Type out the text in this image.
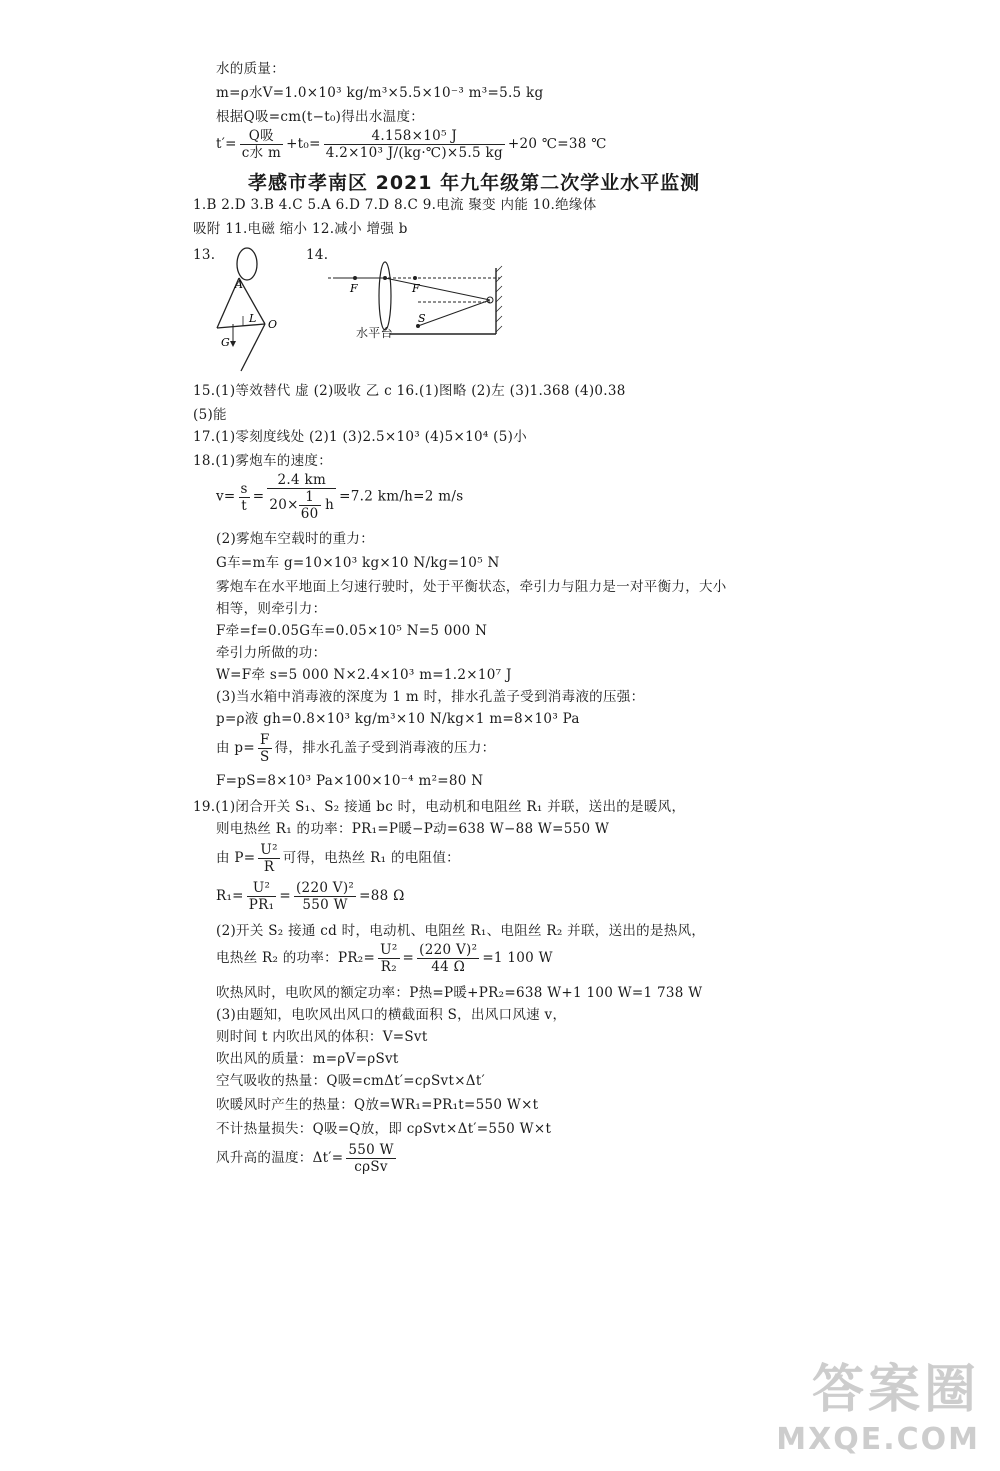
水的质量：
m=ρ水V=1.0×10³ kg/m³×5.5×10⁻³ m³=5.5 kg
根据Q吸=cm(t−t₀)得出水温度：
$t'= \frac{\text{Q吸}}{\text{c水 m}} +t_0= \frac{\text{4.158×10⁵ J}}{\text{4.2×10³ J/(kg·℃)×5.5 kg}} +20$ ℃=38 ℃
孝感市孝南区 2021 年九年级第二次学业水平监测
1.B 2.D 3.B 4.C 5.A 6.D 7.D 8.C 9.电流 聚变 内能 10.绝缘体
吸附 11.电磁 缩小 12.减小 增强 b
13.	14.
A
L O
G
F	F
S
水平台
15.(1)等效替代 虚 (2)吸收 乙 c 16.(1)图略 (2)左 (3)1.368 (4)0.38
(5)能
17.(1)零刻度线处 (2)1 (3)2.5×10³ (4)5×10⁴ (5)小
18.(1)雾炮车的速度：
$v= \frac{s}{t} = \frac{2.4 km}{20\times \frac{1}{60} h} =7.2$ km/h=2 m/s
(2)雾炮车空载时的重力：
G车=m车 g=10×10³ kg×10 N/kg=10⁵ N
雾炮车在水平地面上匀速行驶时，处于平衡状态，牵引力与阻力是一对平衡力，大小
相等，则牵引力：
F牵=f=0.05G车=0.05×10⁵ N=5 000 N
牵引力所做的功：
W=F牵 s=5 000 N×2.4×10³ m=1.2×10⁷ J
(3)当水箱中消毒液的深度为 1 m 时，排水孔盖子受到消毒液的压强：
p=ρ液 gh=0.8×10³ kg/m³×10 N/kg×1 m=8×10³ Pa
由 $p= \frac{F}{S}$ 得，排水孔盖子受到消毒液的压力：
F=pS=8×10³ Pa×100×10⁻⁴ m²=80 N
19.(1)闭合开关 S₁、S₂ 接通 bc 时，电动机和电阻丝 R₁ 并联，送出的是暖风，
则电热丝 R₁ 的功率：PR₁=P暖−P动=638 W−88 W=550 W
由 $P= \frac{\text{U²}}{R}$ 可得，电热丝 R₁ 的电阻值：
$R_1= \frac{\text{U²}}{\text{PR₁}} = \frac{\text{(220 V)²}}{550 W} =88$ Ω
(2)开关 S₂ 接通 cd 时，电动机、电阻丝 R₁、电阻丝 R₂ 并联，送出的是热风，
电热丝 R₂ 的功率：$PR_2= \frac{\text{U²}}{\text{R₂}} = \frac{\text{(220 V)²}}{44 \Omega} =1$ 100 W
吹热风时，电吹风的额定功率：P热=P暖+PR₂=638 W+1 100 W=1 738 W
(3)由题知，电吹风出风口的横截面积 S，出风口风速 v，
则时间 t 内吹出风的体积：V=Svt
吹出风的质量：m=ρV=ρSvt
空气吸收的热量：Q吸=cmΔt′=cρSvt×Δt′
吹暖风时产生的热量：Q放=WR₁=PR₁t=550 W×t
不计热量损失：Q吸=Q放，即 cρSvt×Δt′=550 W×t
风升高的温度：$\Delta t'= \frac{550 W}{\text{cρSv}}$
答案圈
MXQE.COM
